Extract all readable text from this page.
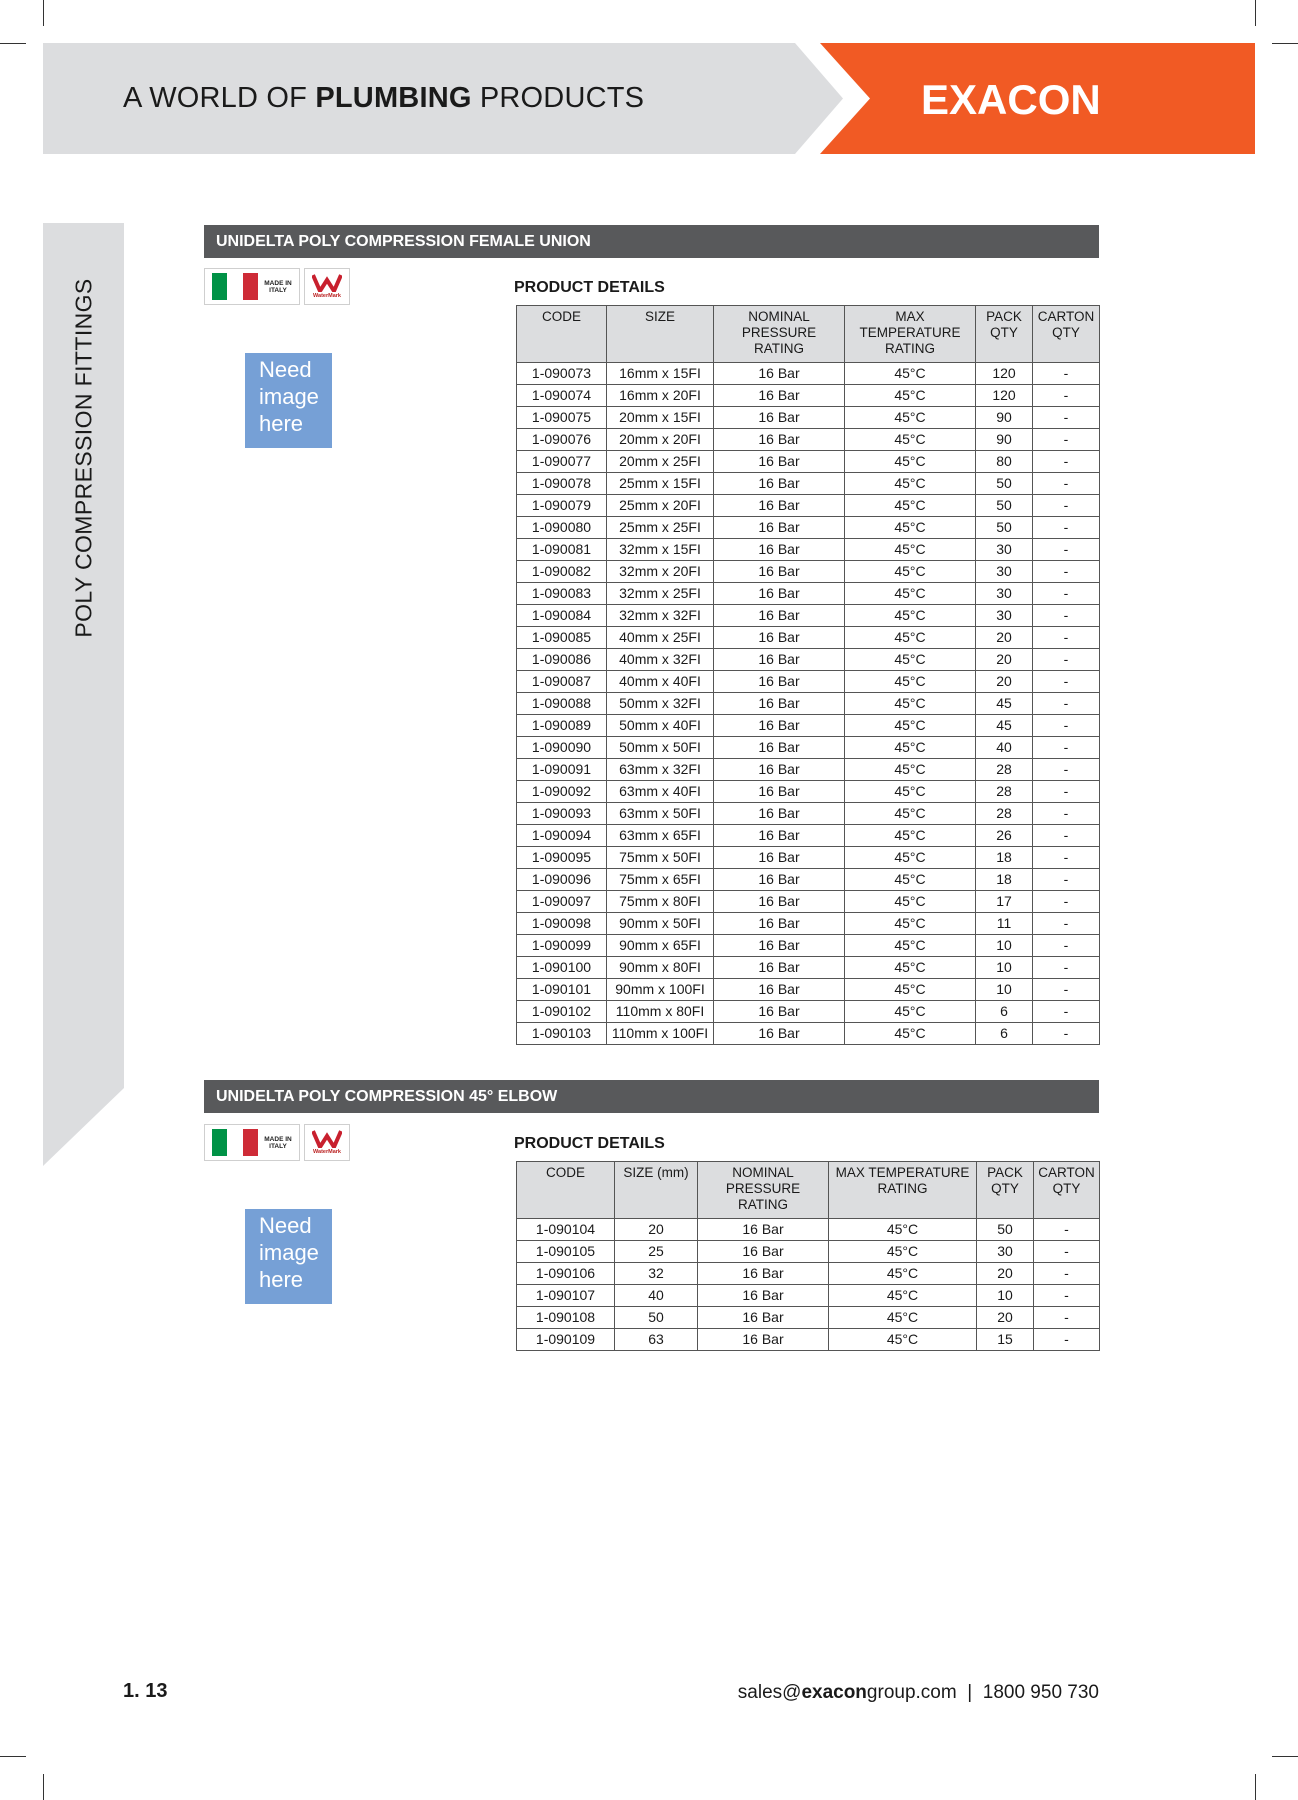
A WORLD OF PLUMBING PRODUCTS	EXACON
POLY COMPRESSION FITTINGS
UNIDELTA POLY COMPRESSION FEMALE UNION
MADE IN ITALY
WaterMark
Need image here
PRODUCT DETAILS
CODE	SIZE	NOMINAL PRESSURE RATING	MAX TEMPERATURE RATING	PACK QTY	CARTON QTY
1-090073	16mm x 15FI	16 Bar	45°C	120	-
1-090074	16mm x 20FI	16 Bar	45°C	120	-
1-090075	20mm x 15FI	16 Bar	45°C	90	-
1-090076	20mm x 20FI	16 Bar	45°C	90	-
1-090077	20mm x 25FI	16 Bar	45°C	80	-
1-090078	25mm x 15FI	16 Bar	45°C	50	-
1-090079	25mm x 20FI	16 Bar	45°C	50	-
1-090080	25mm x 25FI	16 Bar	45°C	50	-
1-090081	32mm x 15FI	16 Bar	45°C	30	-
1-090082	32mm x 20FI	16 Bar	45°C	30	-
1-090083	32mm x 25FI	16 Bar	45°C	30	-
1-090084	32mm x 32FI	16 Bar	45°C	30	-
1-090085	40mm x 25FI	16 Bar	45°C	20	-
1-090086	40mm x 32FI	16 Bar	45°C	20	-
1-090087	40mm x 40FI	16 Bar	45°C	20	-
1-090088	50mm x 32FI	16 Bar	45°C	45	-
1-090089	50mm x 40FI	16 Bar	45°C	45	-
1-090090	50mm x 50FI	16 Bar	45°C	40	-
1-090091	63mm x 32FI	16 Bar	45°C	28	-
1-090092	63mm x 40FI	16 Bar	45°C	28	-
1-090093	63mm x 50FI	16 Bar	45°C	28	-
1-090094	63mm x 65FI	16 Bar	45°C	26	-
1-090095	75mm x 50FI	16 Bar	45°C	18	-
1-090096	75mm x 65FI	16 Bar	45°C	18	-
1-090097	75mm x 80FI	16 Bar	45°C	17	-
1-090098	90mm x 50FI	16 Bar	45°C	11	-
1-090099	90mm x 65FI	16 Bar	45°C	10	-
1-090100	90mm x 80FI	16 Bar	45°C	10	-
1-090101	90mm x 100FI	16 Bar	45°C	10	-
1-090102	110mm x 80FI	16 Bar	45°C	6	-
1-090103	110mm x 100FI	16 Bar	45°C	6	-
UNIDELTA POLY COMPRESSION 45° ELBOW
MADE IN ITALY
WaterMark
Need image here
PRODUCT DETAILS
CODE	SIZE (mm)	NOMINAL PRESSURE RATING	MAX TEMPERATURE RATING	PACK QTY	CARTON QTY
1-090104	20	16 Bar	45°C	50	-
1-090105	25	16 Bar	45°C	30	-
1-090106	32	16 Bar	45°C	20	-
1-090107	40	16 Bar	45°C	10	-
1-090108	50	16 Bar	45°C	20	-
1-090109	63	16 Bar	45°C	15	-
1. 13	sales@exacongroup.com | 1800 950 730
